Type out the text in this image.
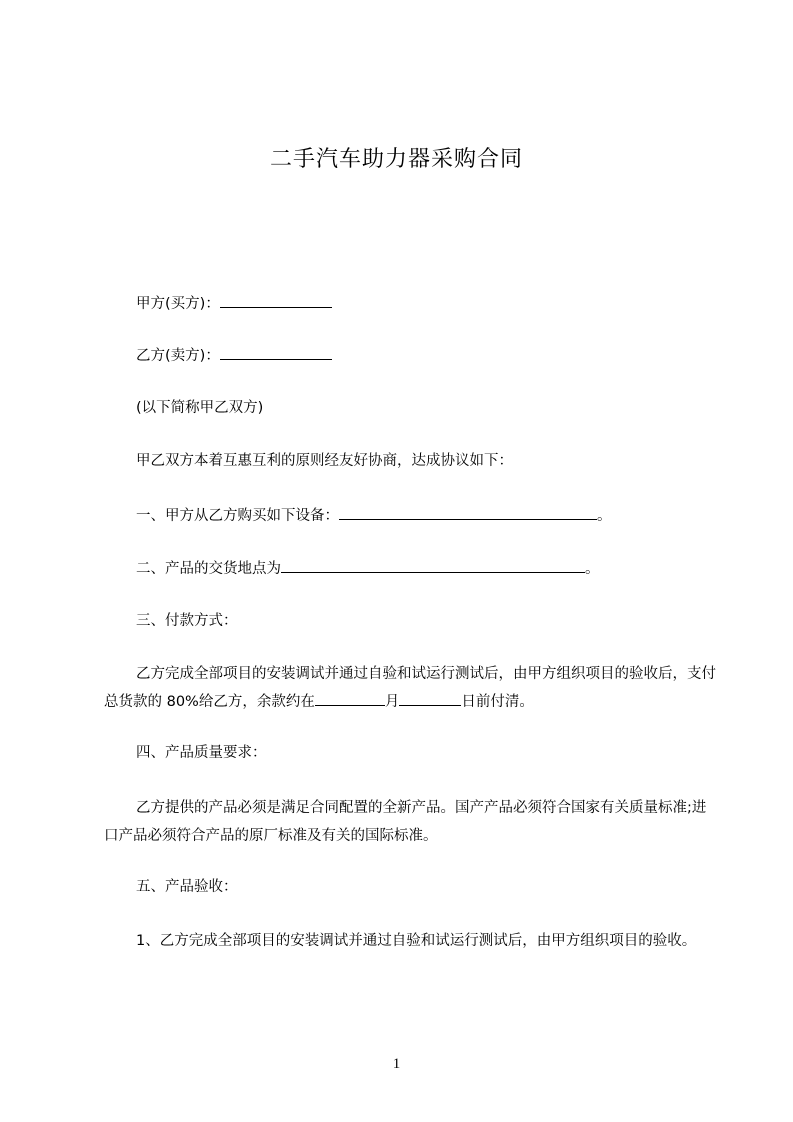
二手汽车助力器采购合同
甲方(买方)：
乙方(卖方)：
(以下简称甲乙双方)
甲乙双方本着互惠互利的原则经友好协商，达成协议如下：
一、甲方从乙方购买如下设备：	。
二、产品的交货地点为	。
三、付款方式：
乙方完成全部项目的安装调试并通过自验和试运行测试后，由甲方组织项目的验收后，支付总货款的 80%给乙方，余款约在	月	日前付清。
四、产品质量要求：
乙方提供的产品必须是满足合同配置的全新产品。国产产品必须符合国家有关质量标准;进口产品必须符合产品的原厂标准及有关的国际标准。
五、产品验收：
1、乙方完成全部项目的安装调试并通过自验和试运行测试后，由甲方组织项目的验收。
1
